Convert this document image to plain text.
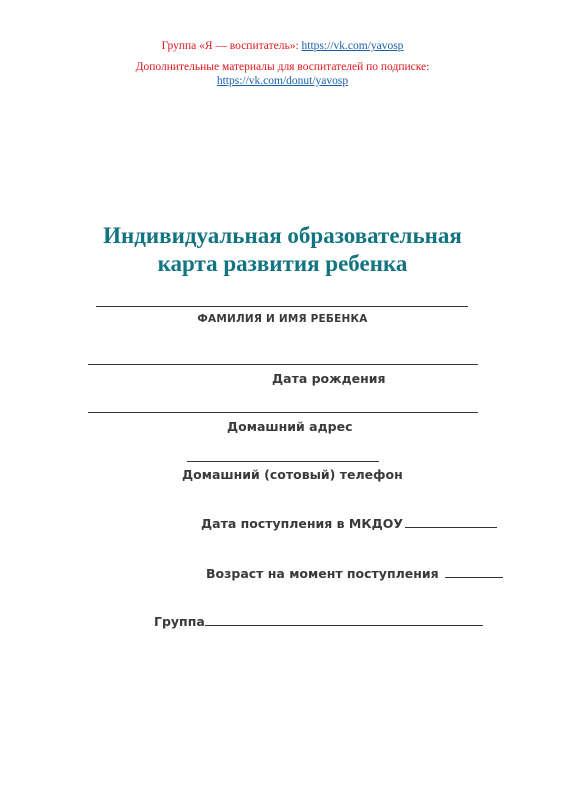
Группа «Я — воспитатель»: https://vk.com/yavosp
Дополнительные материалы для воспитателей по подписке:
https://vk.com/donut/yavosp
Индивидуальная образовательная
карта развития ребенка
ФАМИЛИЯ И ИМЯ РЕБЕНКА
Дата рождения
Домашний адрес
Домашний (сотовый) телефон
Дата поступления в МКДОУ
Возраст на момент поступления
Группа
